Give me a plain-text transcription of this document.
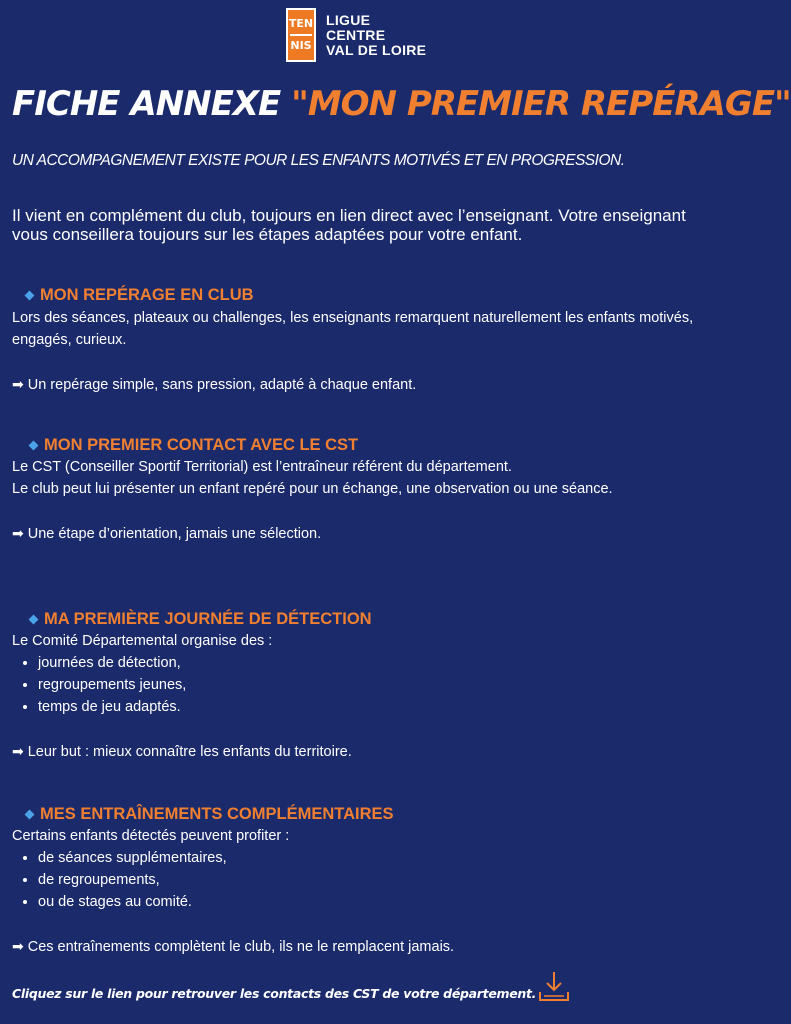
TEN
NIS
LIGUE
CENTRE
VAL DE LOIRE
FICHE ANNEXE "MON PREMIER REPÉRAGE"
UN ACCOMPAGNEMENT EXISTE POUR LES ENFANTS MOTIVÉS ET EN PROGRESSION.
Il vient en complément du club, toujours en lien direct avec l’enseignant. Votre enseignant vous conseillera toujours sur les étapes adaptées pour votre enfant.
MON REPÉRAGE EN CLUB
Lors des séances, plateaux ou challenges, les enseignants remarquent naturellement les enfants motivés, engagés, curieux.
➡ Un repérage simple, sans pression, adapté à chaque enfant.
MON PREMIER CONTACT AVEC LE CST
Le CST (Conseiller Sportif Territorial) est l’entraîneur référent du département.
Le club peut lui présenter un enfant repéré pour un échange, une observation ou une séance.
➡ Une étape d’orientation, jamais une sélection.
MA PREMIÈRE JOURNÉE DE DÉTECTION
Le Comité Départemental organise des :
• journées de détection,
• regroupements jeunes,
• temps de jeu adaptés.
➡ Leur but : mieux connaître les enfants du territoire.
MES ENTRAÎNEMENTS COMPLÉMENTAIRES
Certains enfants détectés peuvent profiter :
• de séances supplémentaires,
• de regroupements,
• ou de stages au comité.
➡ Ces entraînements complètent le club, ils ne le remplacent jamais.
Cliquez sur le lien pour retrouver les contacts des CST de votre département.
